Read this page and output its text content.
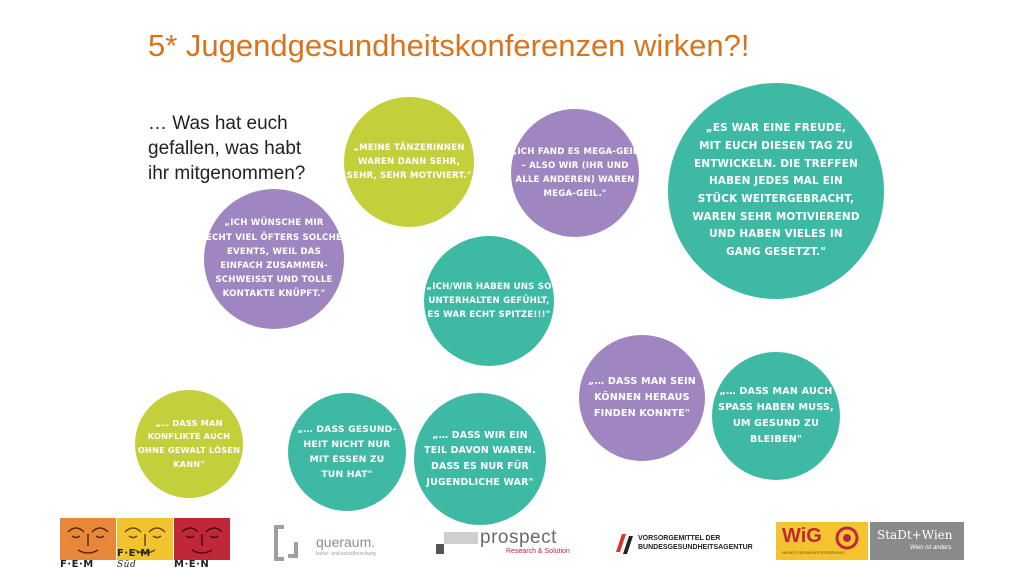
5* Jugendgesundheitskonferenzen wirken?!
… Was hat euch
gefallen, was habt
ihr mitgenommen?
„MEINE TÄNZERINNEN
WAREN DANN SEHR,
SEHR, SEHR MOTIVIERT."
„ICH FAND ES MEGA-GEIL
– ALSO WIR (IHR UND
ALLE ANDEREN) WAREN
MEGA-GEIL."
„ES WAR EINE FREUDE,
MIT EUCH DIESEN TAG ZU
ENTWICKELN. DIE TREFFEN
HABEN JEDES MAL EIN
STÜCK WEITERGEBRACHT,
WAREN SEHR MOTIVIEREND
UND HABEN VIELES IN
GANG GESETZT."
„ICH WÜNSCHE MIR
ECHT VIEL ÖFTERS SOLCHE
EVENTS, WEIL DAS
EINFACH ZUSAMMEN-
SCHWEISST UND TOLLE
KONTAKTE KNÜPFT."
„ICH/WIR HABEN UNS SO
UNTERHALTEN GEFÜHLT,
ES WAR ECHT SPITZE!!!"
„… DASS MAN SEIN
KÖNNEN HERAUS
FINDEN KONNTE"
„… DASS MAN AUCH
SPASS HABEN MUSS,
UM GESUND ZU
BLEIBEN"
„… DASS MAN
KONFLIKTE AUCH
OHNE GEWALT LÖSEN
KANN"
„… DASS GESUND-
HEIT NICHT NUR
MIT ESSEN ZU
TUN HAT"
„… DASS WIR EIN
TEIL DAVON WAREN.
DASS ES NUR FÜR
JUGENDLICHE WAR"
F·E·M
F·E·M Süd	M·E·N
queraum.
kultur- und sozialforschung
prospect
Research & Solution
VORSORGEMITTEL DER
BUNDESGESUNDHEITSAGENTUR
WiG
WIENER GESUNDHEITSFÖRDERUNG
StaDt+Wien
Wien ist anders.
